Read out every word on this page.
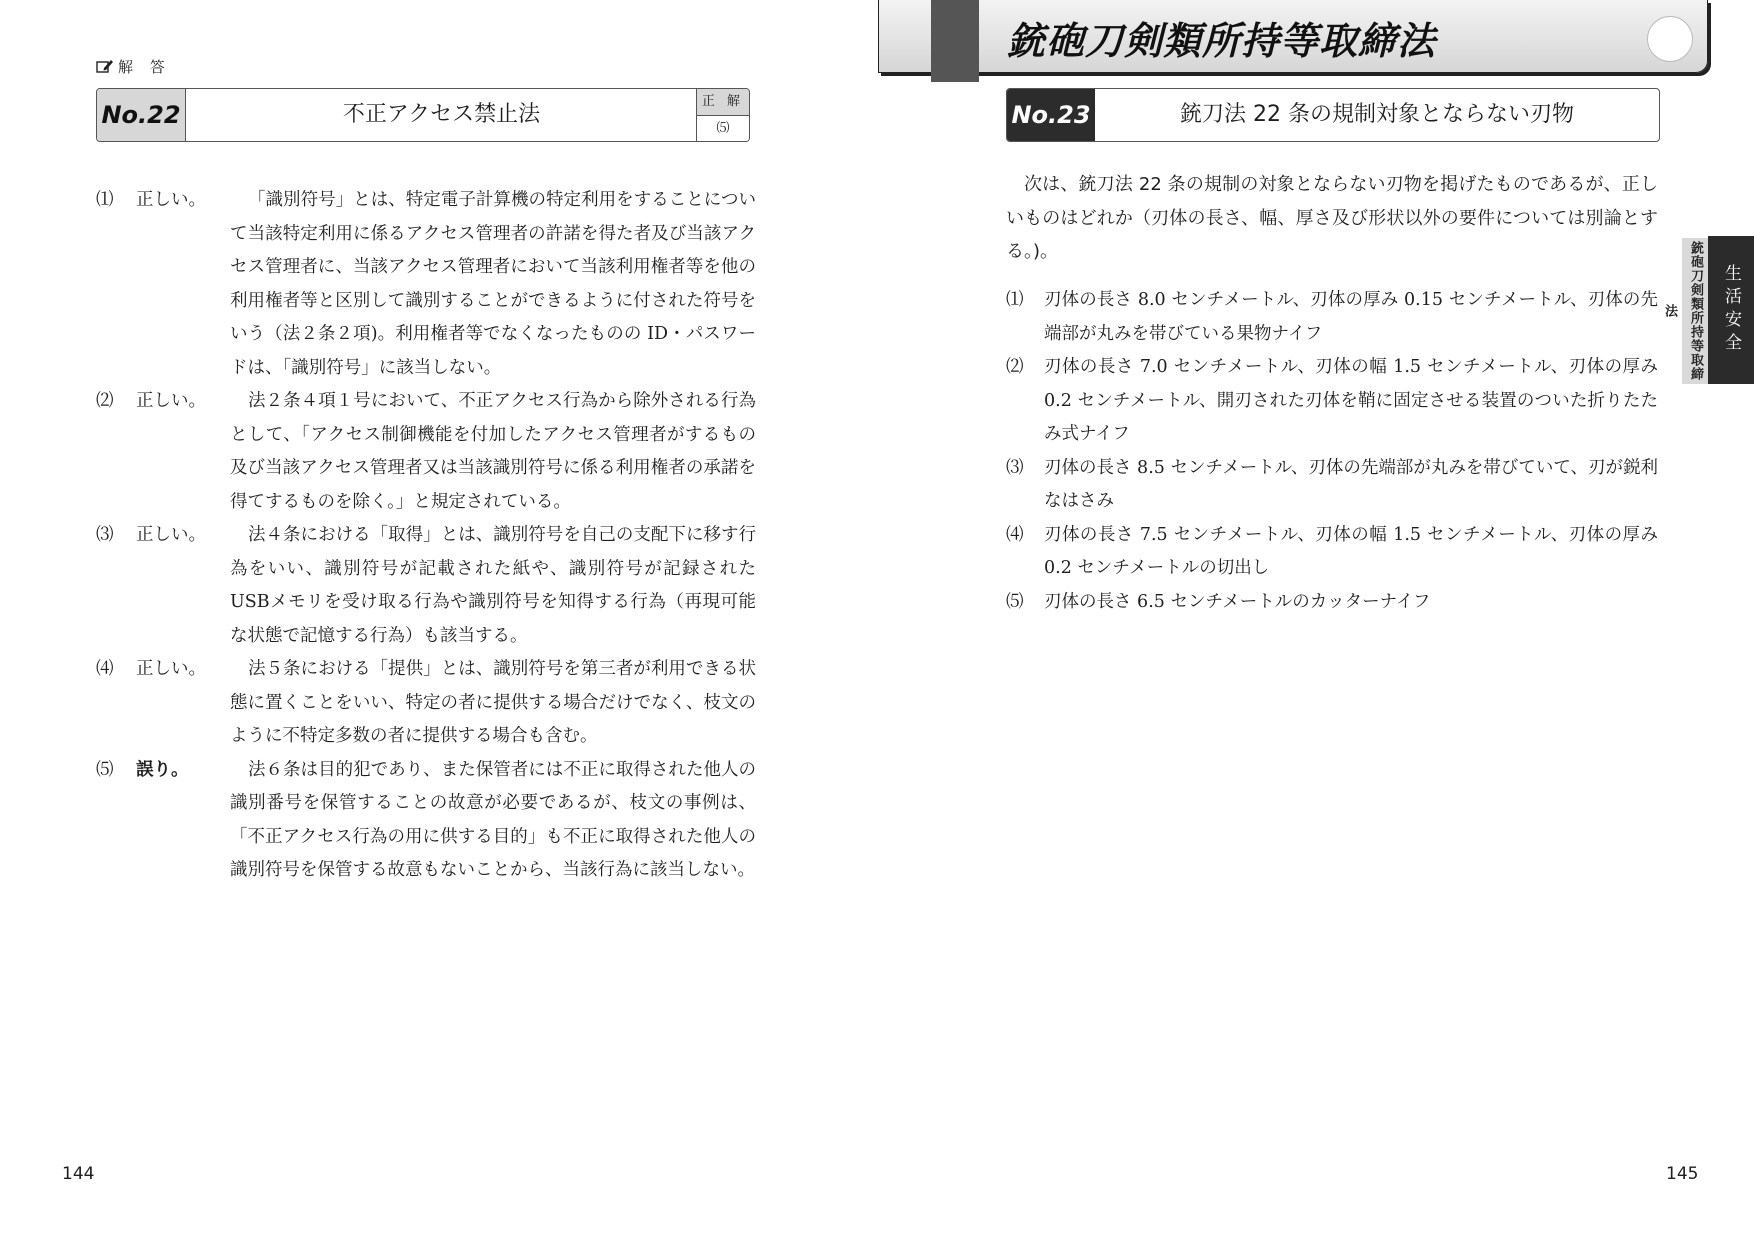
解 答
No.22	不正アクセス禁止法
正 解
⑸
⑴	正しい。	「識別符号」とは、特定電子計算機の特定利用をすることについて当該特定利用に係るアクセス管理者の許諾を得た者及び当該アクセス管理者に、当該アクセス管理者において当該利用権者等を他の利用権者等と区別して識別することができるように付された符号をいう（法２条２項)。利用権者等でなくなったものの ID・パスワードは、「識別符号」に該当しない。
⑵	正しい。	法２条４項１号において、不正アクセス行為から除外される行為として、「アクセス制御機能を付加したアクセス管理者がするもの及び当該アクセス管理者又は当該識別符号に係る利用権者の承諾を得てするものを除く。」と規定されている。
⑶	正しい。	法４条における「取得」とは、識別符号を自己の支配下に移す行為をいい、識別符号が記載された紙や、識別符号が記録されたUSBメモリを受け取る行為や識別符号を知得する行為（再現可能な状態で記憶する行為）も該当する。
⑷	正しい。	法５条における「提供」とは、識別符号を第三者が利用できる状態に置くことをいい、特定の者に提供する場合だけでなく、枝文のように不特定多数の者に提供する場合も含む。
⑸	誤り。	法６条は目的犯であり、また保管者には不正に取得された他人の識別番号を保管することの故意が必要であるが、枝文の事例は、「不正アクセス行為の用に供する目的」も不正に取得された他人の識別符号を保管する故意もないことから、当該行為に該当しない。
144
銃砲刀剣類所持等取締法
No.23	銃刀法 22 条の規制対象とならない刃物
次は、銃刀法 22 条の規制の対象とならない刃物を掲げたものであるが、正しいものはどれか（刃体の長さ、幅、厚さ及び形状以外の要件については別論とする。)。
⑴	刃体の長さ 8.0 センチメートル、刃体の厚み 0.15 センチメートル、刃体の先端部が丸みを帯びている果物ナイフ
⑵	刃体の長さ 7.0 センチメートル、刃体の幅 1.5 センチメートル、刃体の厚み 0.2 センチメートル、開刃された刃体を鞘に固定させる装置のついた折りたたみ式ナイフ
⑶	刃体の長さ 8.5 センチメートル、刃体の先端部が丸みを帯びていて、刃が鋭利なはさみ
⑷	刃体の長さ 7.5 センチメートル、刃体の幅 1.5 センチメートル、刃体の厚み 0.2 センチメートルの切出し
⑸	刃体の長さ 6.5 センチメートルのカッターナイフ
銃砲刀剣類所持等取締法	生活安全
145
